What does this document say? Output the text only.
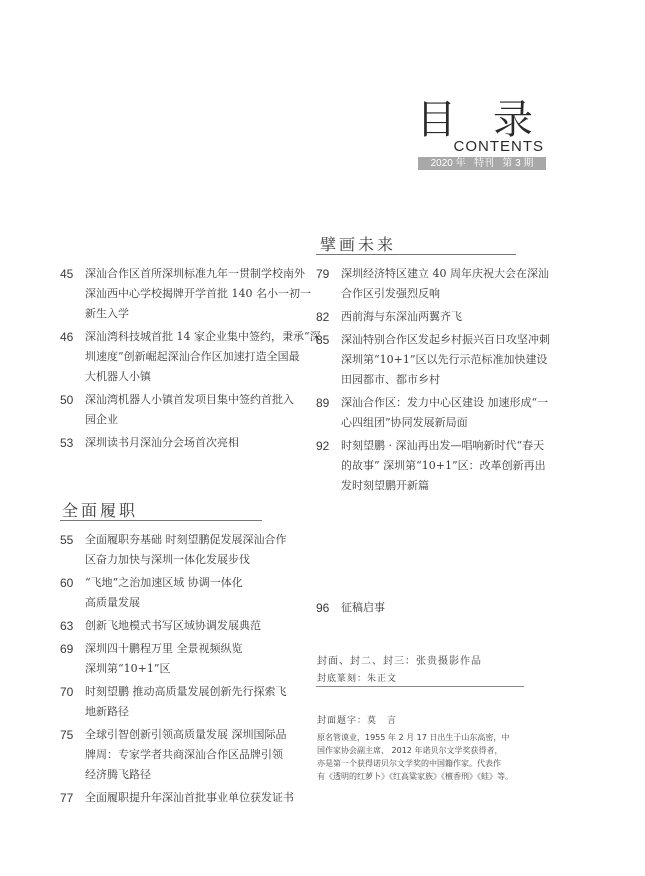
目 录
CONTENTS
2020 年   特刊   第 3 期
擘画未来
45 深汕合作区首所深圳标准九年一贯制学校南外
深汕西中心学校揭牌开学首批 140 名小一初一
新生入学
46 深汕湾科技城首批 14 家企业集中签约，秉承“深
圳速度”创新崛起深汕合作区加速打造全国最
大机器人小镇
50 深汕湾机器人小镇首发项目集中签约首批入
园企业
53 深圳读书月深汕分会场首次亮相
79 深圳经济特区建立 40 周年庆祝大会在深汕
合作区引发强烈反响
82 西前海与东深汕两翼齐飞
85 深汕特别合作区发起乡村振兴百日攻坚冲刺
深圳第“10+1”区以先行示范标准加快建设
田园都市、都市乡村
89 深汕合作区：发力中心区建设 加速形成“一
心四组团”协同发展新局面
92 时刻望鹏 · 深汕再出发—唱响新时代“春天
的故事” 深圳第“10+1”区：改革创新再出
发时刻望鹏开新篇
全面履职
55 全面履职夯基础 时刻望鹏促发展深汕合作
区奋力加快与深圳一体化发展步伐
60 “飞地”之治加速区域 协调一体化
高质量发展
63 创新飞地模式书写区域协调发展典范
69 深圳四十鹏程万里 全景视频纵览
深圳第“10+1”区
70 时刻望鹏 推动高质量发展创新先行探索飞
地新路径
75 全球引智创新引领高质量发展 深圳国际品
牌周：专家学者共商深汕合作区品牌引领
经济腾飞路径
77 全面履职提升年深汕首批事业单位获发证书
96 征稿启事
封面、封二、封三：张贵摄影作品
封底篆刻：朱正文
封面题字：莫　言
原名管谟业，1955 年 2 月 17 日出生于山东高密，中
国作家协会副主席、 2012 年诺贝尔文学奖获得者，
亦是第一个获得诺贝尔文学奖的中国籍作家。代表作
有《透明的红萝卜》《红高粱家族》《檀香刑》《蛙》等。
